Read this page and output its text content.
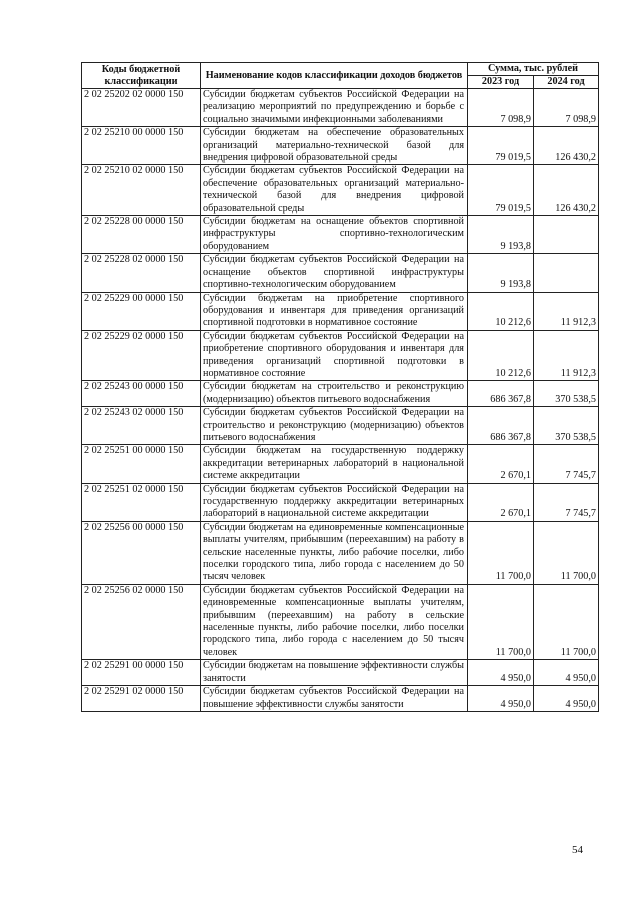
Коды бюджетной классификации	Наименование кодов классификации доходов бюджетов	Сумма, тыс. рублей	
		2023 год	2024 год
2 02 25202 02 0000 150	Субсидии бюджетам субъектов Российской Федерации на реализацию мероприятий по предупреждению и борьбе с социально значимыми инфекционными заболеваниями	7 098,9	7 098,9
2 02 25210 00 0000 150	Субсидии бюджетам на обеспечение образовательных организаций материально-технической базой для внедрения цифровой образовательной среды	79 019,5	126 430,2
2 02 25210 02 0000 150	Субсидии бюджетам субъектов Российской Федерации на обеспечение образовательных организаций материально-технической базой для внедрения цифровой образовательной среды	79 019,5	126 430,2
2 02 25228 00 0000 150	Субсидии бюджетам на оснащение объектов спортивной инфраструктуры спортивно-технологическим оборудованием	9 193,8	
2 02 25228 02 0000 150	Субсидии бюджетам субъектов Российской Федерации на оснащение объектов спортивной инфраструктуры спортивно-технологическим оборудованием	9 193,8	
2 02 25229 00 0000 150	Субсидии бюджетам на приобретение спортивного оборудования и инвентаря для приведения организаций спортивной подготовки в нормативное состояние	10 212,6	11 912,3
2 02 25229 02 0000 150	Субсидии бюджетам субъектов Российской Федерации на приобретение спортивного оборудования и инвентаря для приведения организаций спортивной подготовки в нормативное состояние	10 212,6	11 912,3
2 02 25243 00 0000 150	Субсидии бюджетам на строительство и реконструкцию (модернизацию) объектов питьевого водоснабжения	686 367,8	370 538,5
2 02 25243 02 0000 150	Субсидии бюджетам субъектов Российской Федерации на строительство и реконструкцию (модернизацию) объектов питьевого водоснабжения	686 367,8	370 538,5
2 02 25251 00 0000 150	Субсидии бюджетам на государственную поддержку аккредитации ветеринарных лабораторий в национальной системе аккредитации	2 670,1	7 745,7
2 02 25251 02 0000 150	Субсидии бюджетам субъектов Российской Федерации на государственную поддержку аккредитации ветеринарных лабораторий в национальной системе аккредитации	2 670,1	7 745,7
2 02 25256 00 0000 150	Субсидии бюджетам на единовременные компенсационные выплаты учителям, прибывшим (переехавшим) на работу в сельские населенные пункты, либо рабочие поселки, либо поселки городского типа, либо города с населением до 50 тысяч человек	11 700,0	11 700,0
2 02 25256 02 0000 150	Субсидии бюджетам субъектов Российской Федерации на единовременные компенсационные выплаты учителям, прибывшим (переехавшим) на работу в сельские населенные пункты, либо рабочие поселки, либо поселки городского типа, либо города с населением до 50 тысяч человек	11 700,0	11 700,0
2 02 25291 00 0000 150	Субсидии бюджетам на повышение эффективности службы занятости	4 950,0	4 950,0
2 02 25291 02 0000 150	Субсидии бюджетам субъектов Российской Федерации на повышение эффективности службы занятости	4 950,0	4 950,0
54
